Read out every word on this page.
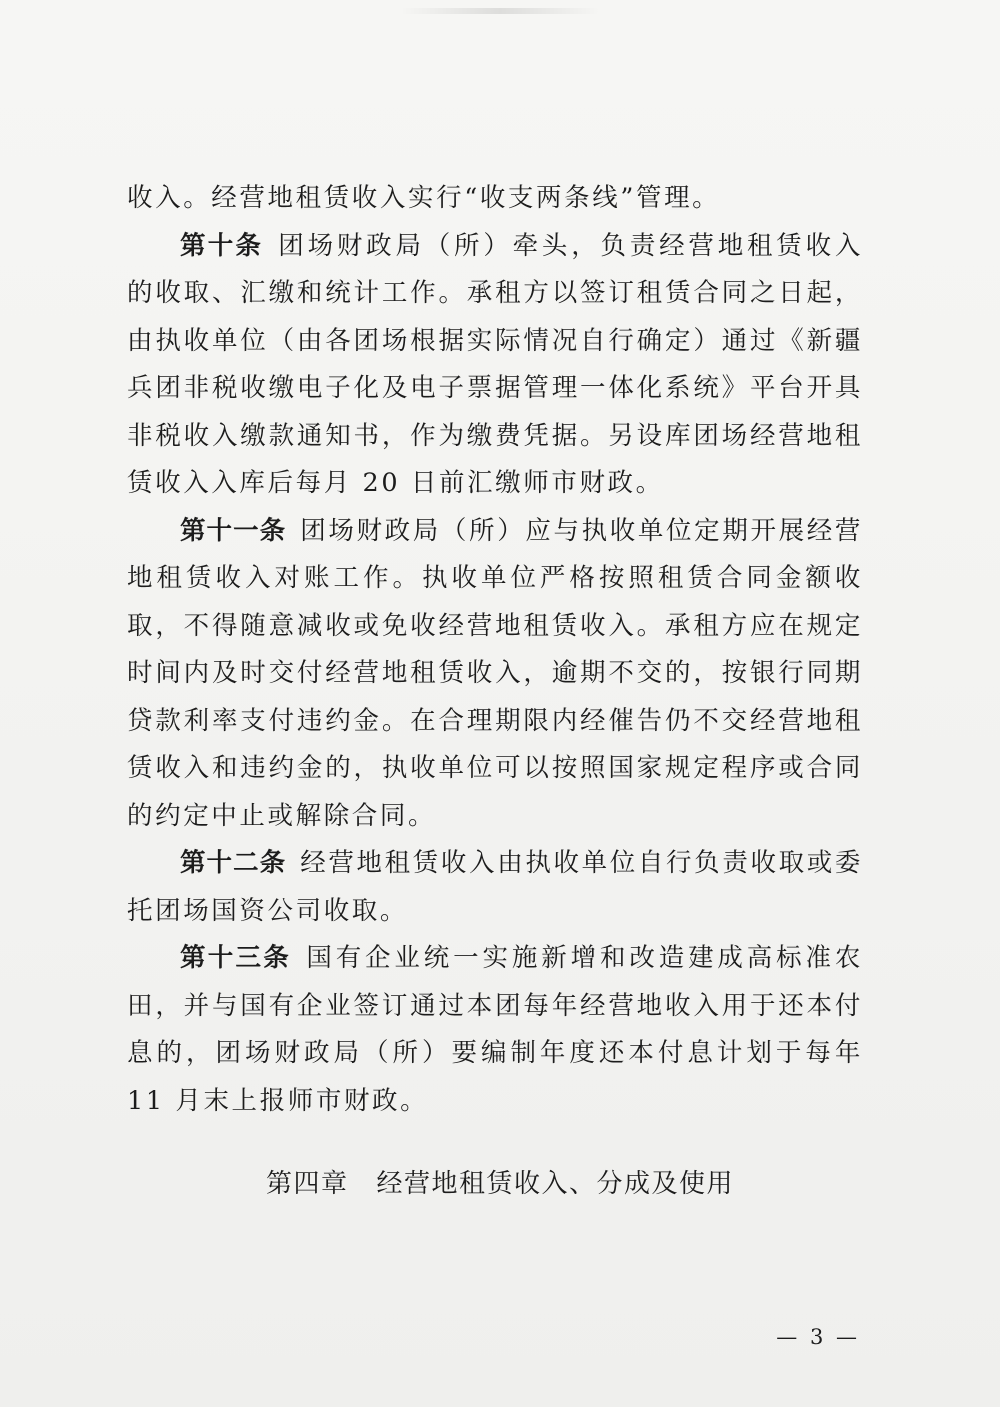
收入。经营地租赁收入实行“收支两条线”管理。

第十条 团场财政局（所）牵头，负责经营地租赁收入的收取、汇缴和统计工作。承租方以签订租赁合同之日起，由执收单位（由各团场根据实际情况自行确定）通过《新疆兵团非税收缴电子化及电子票据管理一体化系统》平台开具非税收入缴款通知书，作为缴费凭据。另设库团场经营地租赁收入入库后每月 20 日前汇缴师市财政。

第十一条 团场财政局（所）应与执收单位定期开展经营地租赁收入对账工作。执收单位严格按照租赁合同金额收取，不得随意减收或免收经营地租赁收入。承租方应在规定时间内及时交付经营地租赁收入，逾期不交的，按银行同期贷款利率支付违约金。在合理期限内经催告仍不交经营地租赁收入和违约金的，执收单位可以按照国家规定程序或合同的约定中止或解除合同。

第十二条 经营地租赁收入由执收单位自行负责收取或委托团场国资公司收取。

第十三条 国有企业统一实施新增和改造建成高标准农田，并与国有企业签订通过本团每年经营地收入用于还本付息的，团场财政局（所）要编制年度还本付息计划于每年 11 月末上报师市财政。

第四章 经营地租赁收入、分成及使用
— 3 —
